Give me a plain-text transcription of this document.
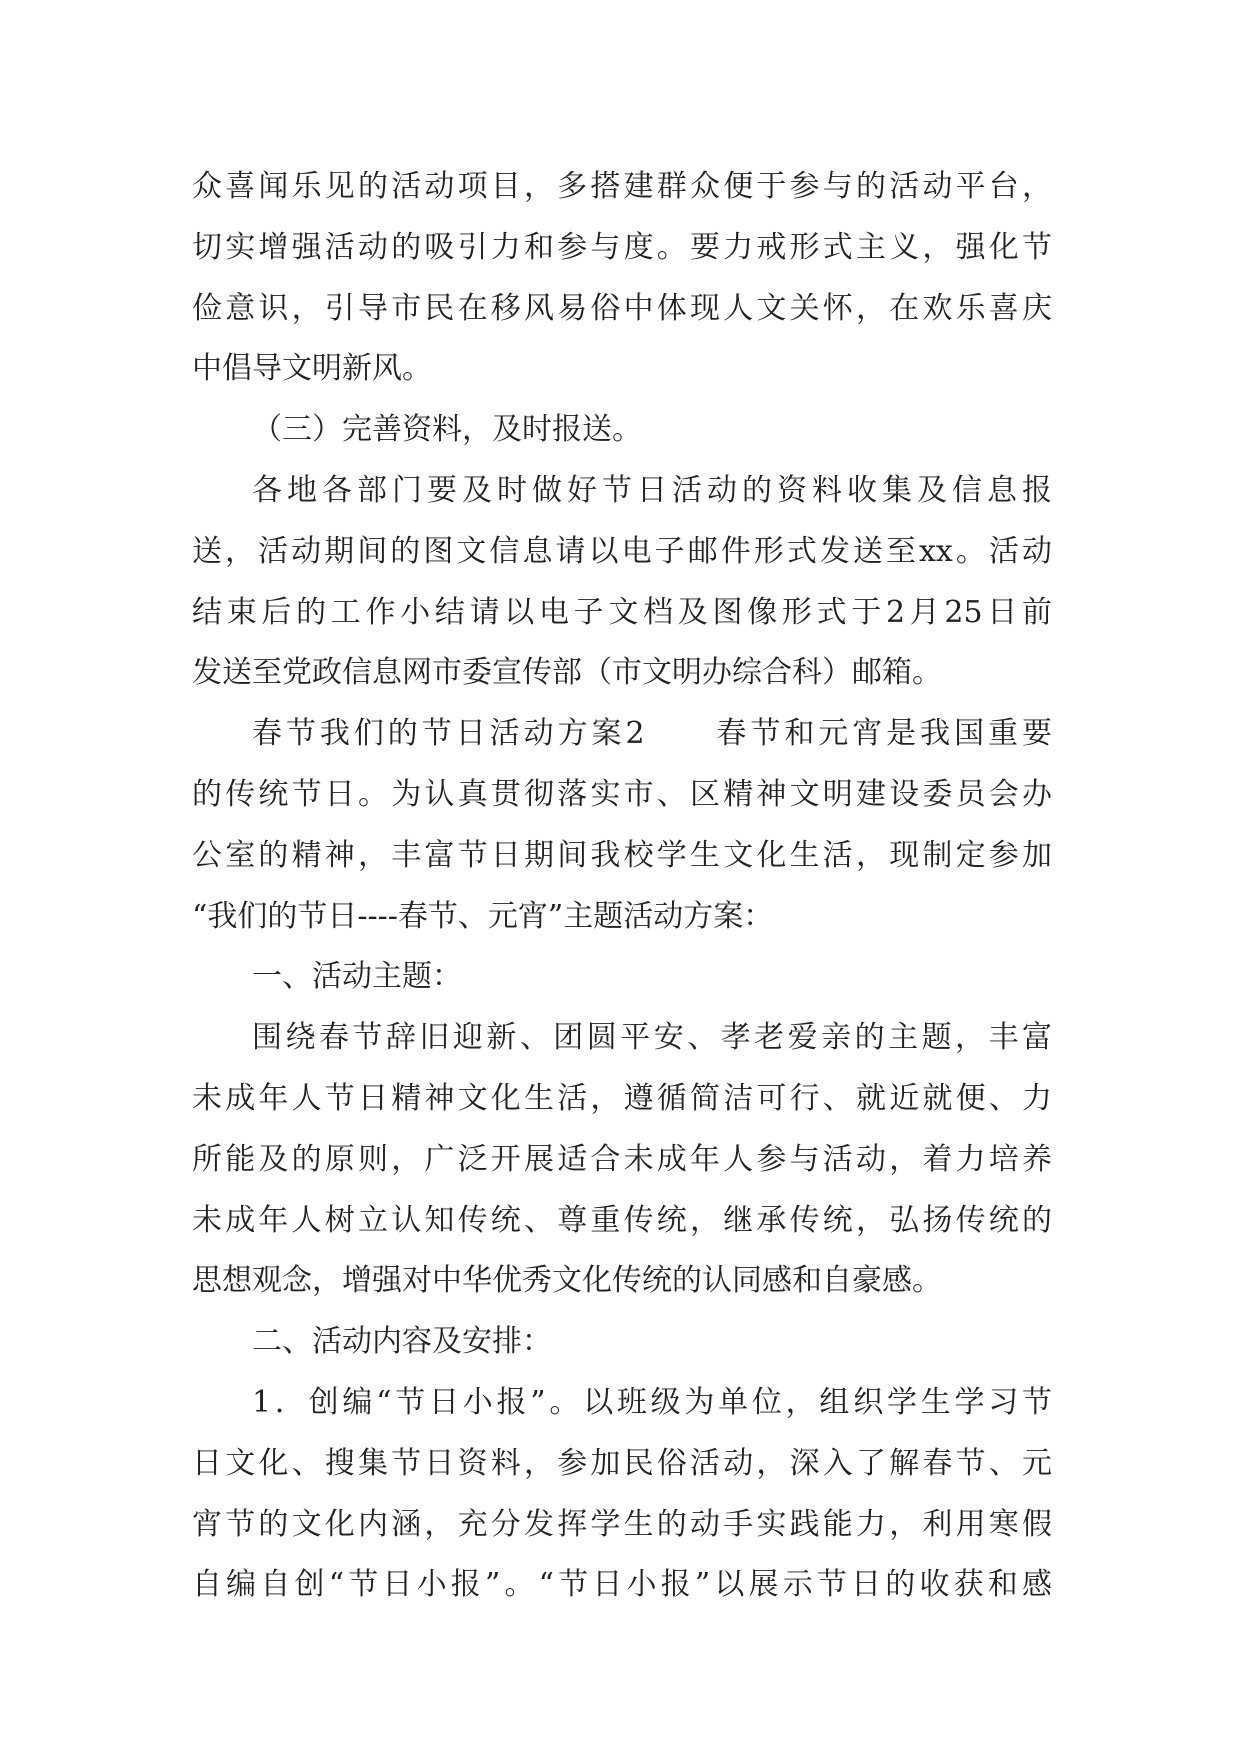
众喜闻乐见的活动项目，多搭建群众便于参与的活动平台，
切实增强活动的吸引力和参与度。要力戒形式主义，强化节
俭意识，引导市民在移风易俗中体现人文关怀，在欢乐喜庆
中倡导文明新风。
（三）完善资料，及时报送。
各地各部门要及时做好节日活动的资料收集及信息报
送，活动期间的图文信息请以电子邮件形式发送至xx。活动
结束后的工作小结请以电子文档及图像形式于2月25日前
发送至党政信息网市委宣传部（市文明办综合科）邮箱。
春节我们的节日活动方案2　　春节和元宵是我国重要
的传统节日。为认真贯彻落实市、区精神文明建设委员会办
公室的精神，丰富节日期间我校学生文化生活，现制定参加
“我们的节日----春节、元宵”主题活动方案：
一、活动主题：
围绕春节辞旧迎新、团圆平安、孝老爱亲的主题，丰富
未成年人节日精神文化生活，遵循简洁可行、就近就便、力
所能及的原则，广泛开展适合未成年人参与活动，着力培养
未成年人树立认知传统、尊重传统，继承传统，弘扬传统的
思想观念，增强对中华优秀文化传统的认同感和自豪感。
二、活动内容及安排：
1．创编“节日小报”。以班级为单位，组织学生学习节
日文化、搜集节日资料，参加民俗活动，深入了解春节、元
宵节的文化内涵，充分发挥学生的动手实践能力，利用寒假
自编自创“节日小报”。“节日小报”以展示节日的收获和感
